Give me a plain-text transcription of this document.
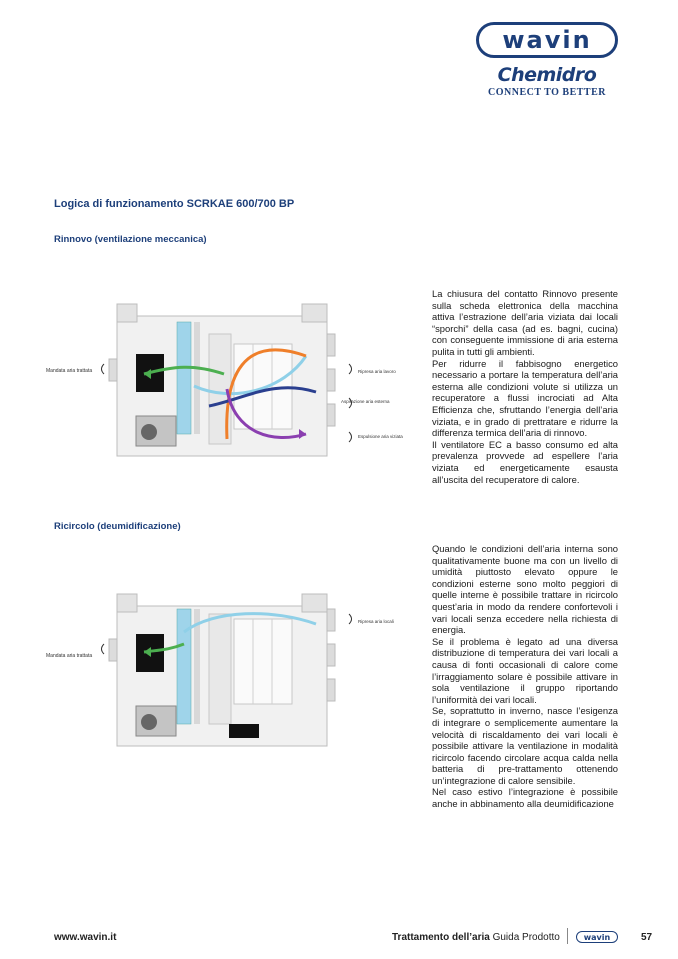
wavin
Chemidro
CONNECT TO BETTER
Logica di funzionamento SCRKAE 600/700 BP
Rinnovo (ventilazione meccanica)
Mandata aria trattata	Ripresa aria lavoro
Aspirazione aria esterna
Espulsione aria viziata

La chiusura del contatto Rinnovo presente sulla scheda elettronica della macchina attiva l’estrazione dell’aria viziata dai locali “sporchi” della casa (ad es. bagni, cucina) con conseguente immissione di aria esterna pulita in tutti gli ambienti.

Per ridurre il fabbisogno energetico necessario a portare la temperatura dell’aria esterna alle condizioni volute si utilizza un recuperatore a flussi incrociati ad Alta Efficienza che, sfruttando l’energia dell’aria viziata, e in grado di prettratare e ridurre la differenza termica dell’aria di rinnovo.

Il ventilatore EC a basso consumo ed alta prevalenza provvede ad espellere l’aria viziata ed energeticamente esausta all’uscita del recuperatore di calore.

Ricircolo (deumidificazione)
Mandata aria trattata
Ripresa aria locali

Quando le condizioni dell’aria interna sono qualitativamente buone ma con un livello di umidità piuttosto elevato oppure le condizioni esterne sono molto peggiori di quelle interne è possibile trattare in ricircolo quest’aria in modo da rendere confortevoli i vari locali senza eccedere nella richiesta di energia.

Se il problema è legato ad una diversa distribuzione di temperatura dei vari locali a causa di fonti occasionali di calore come l’irraggiamento solare è possibile attivare in sola ventilazione il gruppo riportando l’uniformità dei vari locali.

Se, soprattutto in inverno, nasce l’esigenza di integrare o semplicemente aumentare la velocità di riscaldamento dei vari locali è possibile attivare la ventilazione in modalità ricircolo facendo circolare acqua calda nella batteria di pre-trattamento ottenendo un’integrazione di calore sensibile.

Nel caso estivo l’integrazione è possibile anche in abbinamento alla deumidificazione

www.wavin.it	Trattamento dell’aria Guida Prodotto	wavin	57
